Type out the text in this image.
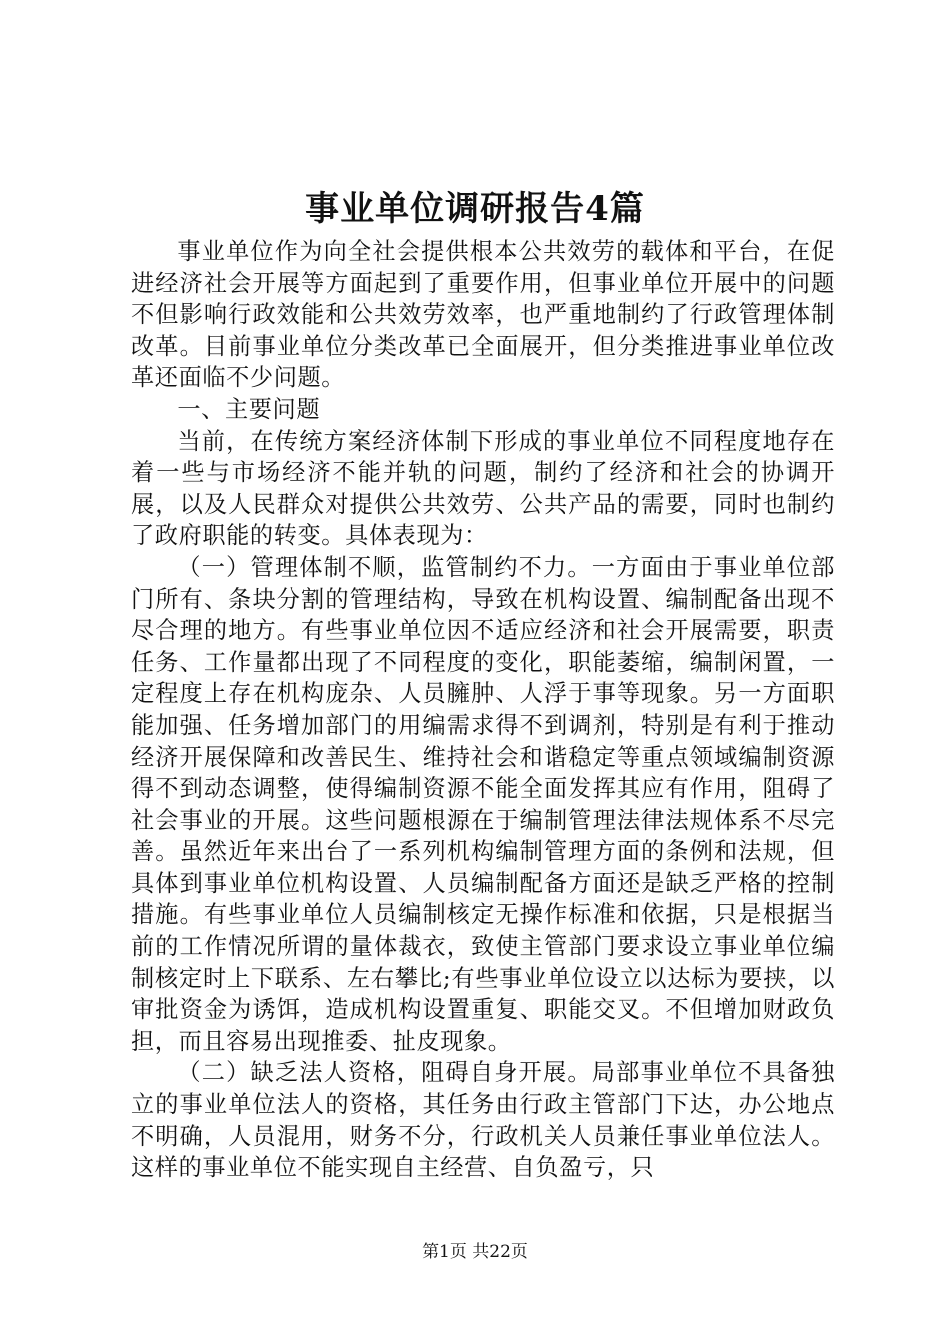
事业单位调研报告4篇

事业单位作为向全社会提供根本公共效劳的载体和平台，在促进经济社会开展等方面起到了重要作用，但事业单位开展中的问题不但影响行政效能和公共效劳效率，也严重地制约了行政管理体制改革。目前事业单位分类改革已全面展开，但分类推进事业单位改革还面临不少问题。

一、主要问题

当前，在传统方案经济体制下形成的事业单位不同程度地存在着一些与市场经济不能并轨的问题，制约了经济和社会的协调开展，以及人民群众对提供公共效劳、公共产品的需要，同时也制约了政府职能的转变。具体表现为：

（一）管理体制不顺，监管制约不力。一方面由于事业单位部门所有、条块分割的管理结构，导致在机构设置、编制配备出现不尽合理的地方。有些事业单位因不适应经济和社会开展需要，职责任务、工作量都出现了不同程度的变化，职能萎缩，编制闲置，一定程度上存在机构庞杂、人员臃肿、人浮于事等现象。另一方面职能加强、任务增加部门的用编需求得不到调剂，特别是有利于推动经济开展保障和改善民生、维持社会和谐稳定等重点领域编制资源得不到动态调整，使得编制资源不能全面发挥其应有作用，阻碍了社会事业的开展。这些问题根源在于编制管理法律法规体系不尽完善。虽然近年来出台了一系列机构编制管理方面的条例和法规，但具体到事业单位机构设置、人员编制配备方面还是缺乏严格的控制措施。有些事业单位人员编制核定无操作标准和依据，只是根据当前的工作情况所谓的量体裁衣，致使主管部门要求设立事业单位编制核定时上下联系、左右攀比;有些事业单位设立以达标为要挟，以审批资金为诱饵，造成机构设置重复、职能交叉。不但增加财政负担，而且容易出现推委、扯皮现象。

（二）缺乏法人资格，阻碍自身开展。局部事业单位不具备独立的事业单位法人的资格，其任务由行政主管部门下达，办公地点不明确，人员混用，财务不分，行政机关人员兼任事业单位法人。这样的事业单位不能实现自主经营、自负盈亏，只

第1页 共22页
